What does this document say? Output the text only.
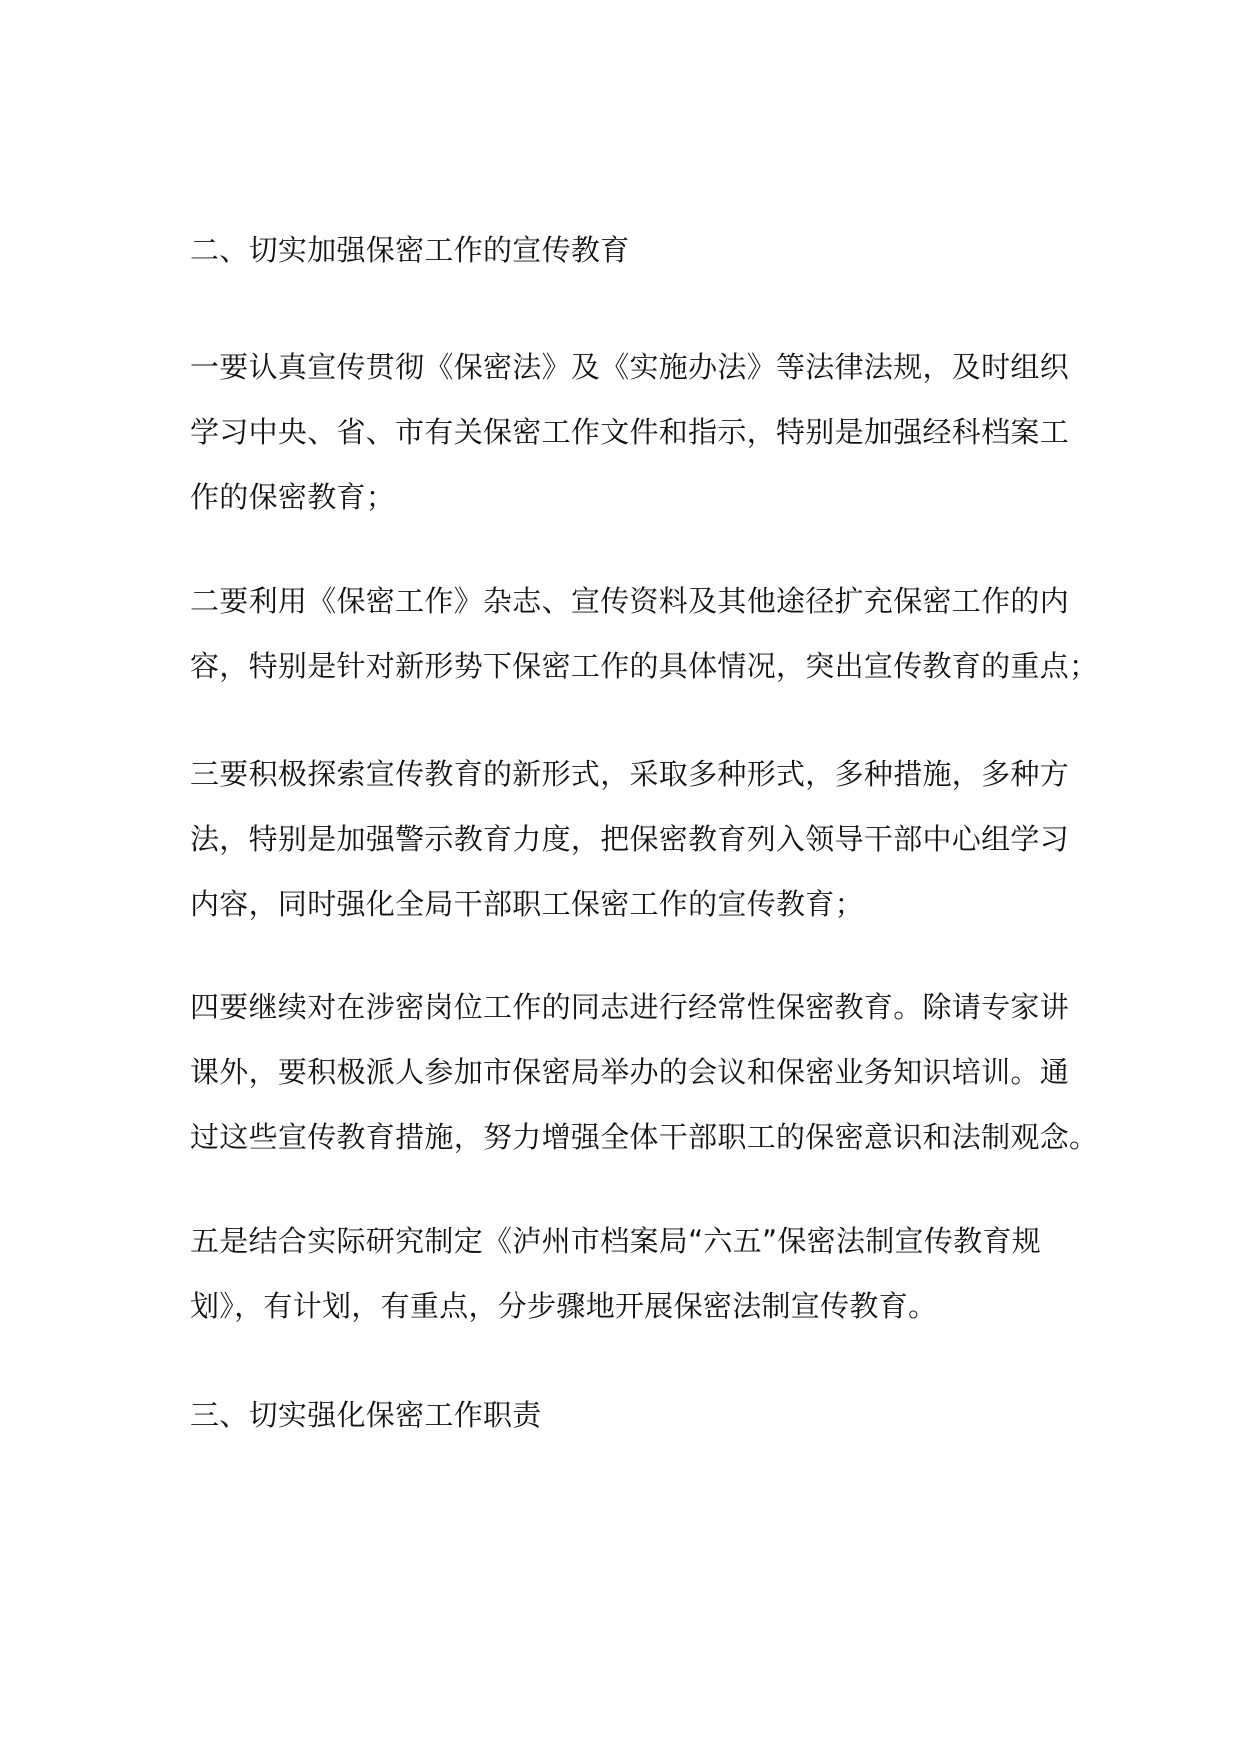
二、切实加强保密工作的宣传教育
一要认真宣传贯彻《保密法》及《实施办法》等法律法规，及时组织
学习中央、省、市有关保密工作文件和指示，特别是加强经科档案工
作的保密教育；
二要利用《保密工作》杂志、宣传资料及其他途径扩充保密工作的内
容，特别是针对新形势下保密工作的具体情况，突出宣传教育的重点；
三要积极探索宣传教育的新形式，采取多种形式，多种措施，多种方
法，特别是加强警示教育力度，把保密教育列入领导干部中心组学习
内容，同时强化全局干部职工保密工作的宣传教育；
四要继续对在涉密岗位工作的同志进行经常性保密教育。除请专家讲
课外，要积极派人参加市保密局举办的会议和保密业务知识培训。通
过这些宣传教育措施，努力增强全体干部职工的保密意识和法制观念。
五是结合实际研究制定《泸州市档案局“六五”保密法制宣传教育规
划》，有计划，有重点，分步骤地开展保密法制宣传教育。
三、切实强化保密工作职责
